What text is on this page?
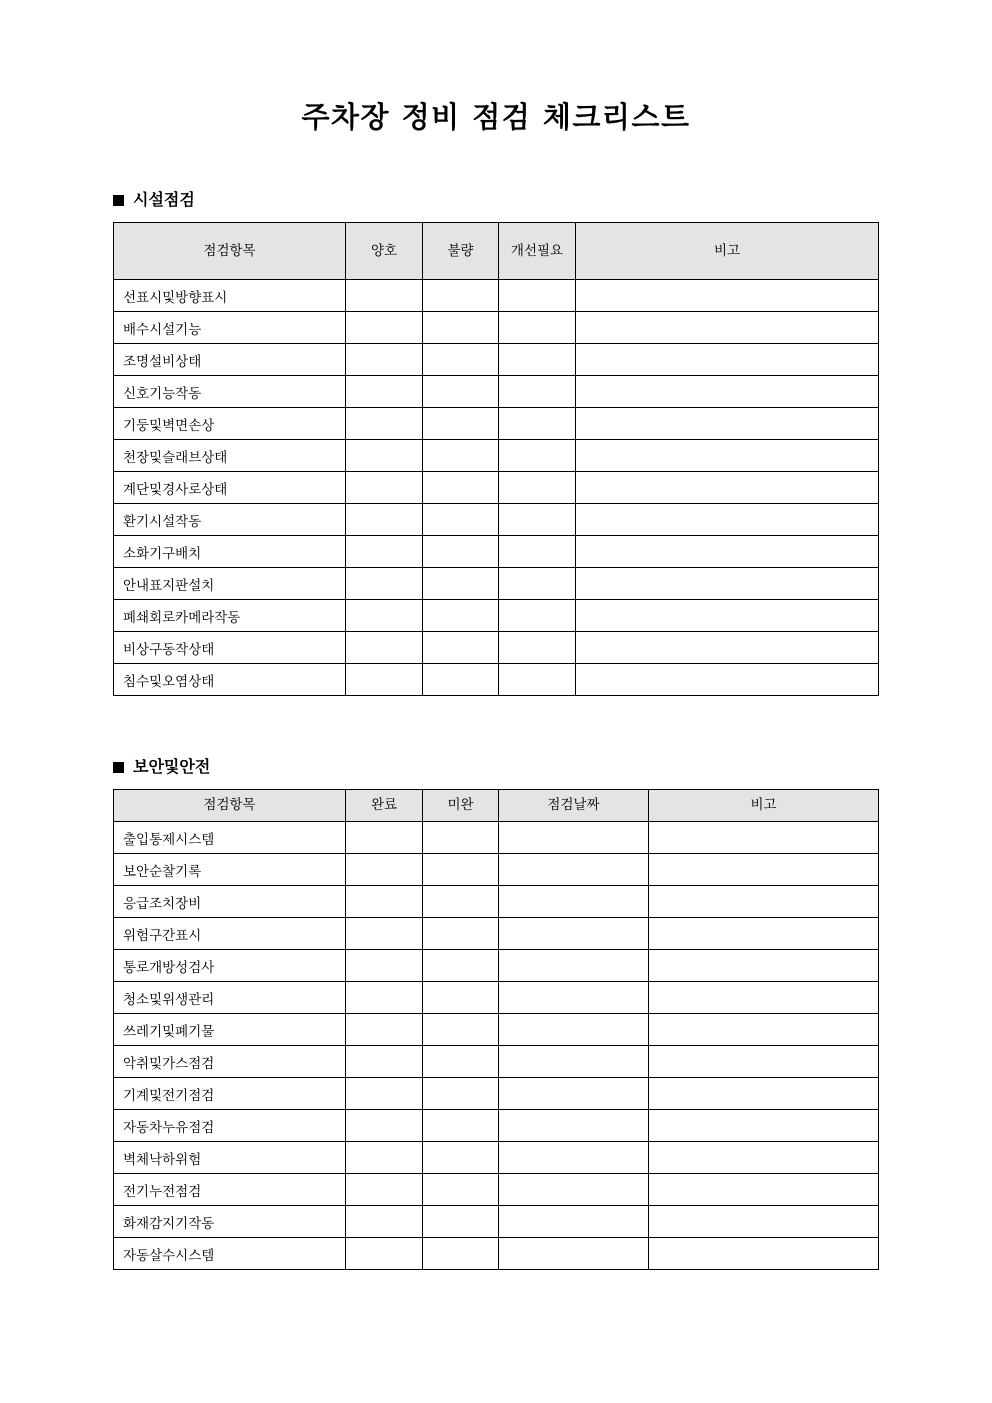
주차장 정비 점검 체크리스트
시설점검
점검항목	양호	불량	개선필요	비고
선표시및방향표시				
배수시설기능				
조명설비상태				
신호기능작동				
기둥및벽면손상				
천장및슬래브상태				
계단및경사로상태				
환기시설작동				
소화기구배치				
안내표지판설치				
폐쇄회로카메라작동				
비상구동작상태				
침수및오염상태				
보안및안전
점검항목	완료	미완	점검날짜	비고
출입통제시스템				
보안순찰기록				
응급조치장비				
위험구간표시				
통로개방성검사				
청소및위생관리				
쓰레기및폐기물				
악취및가스점검				
기계및전기점검				
자동차누유점검				
벽체낙하위험				
전기누전점검				
화재감지기작동				
자동살수시스템				
